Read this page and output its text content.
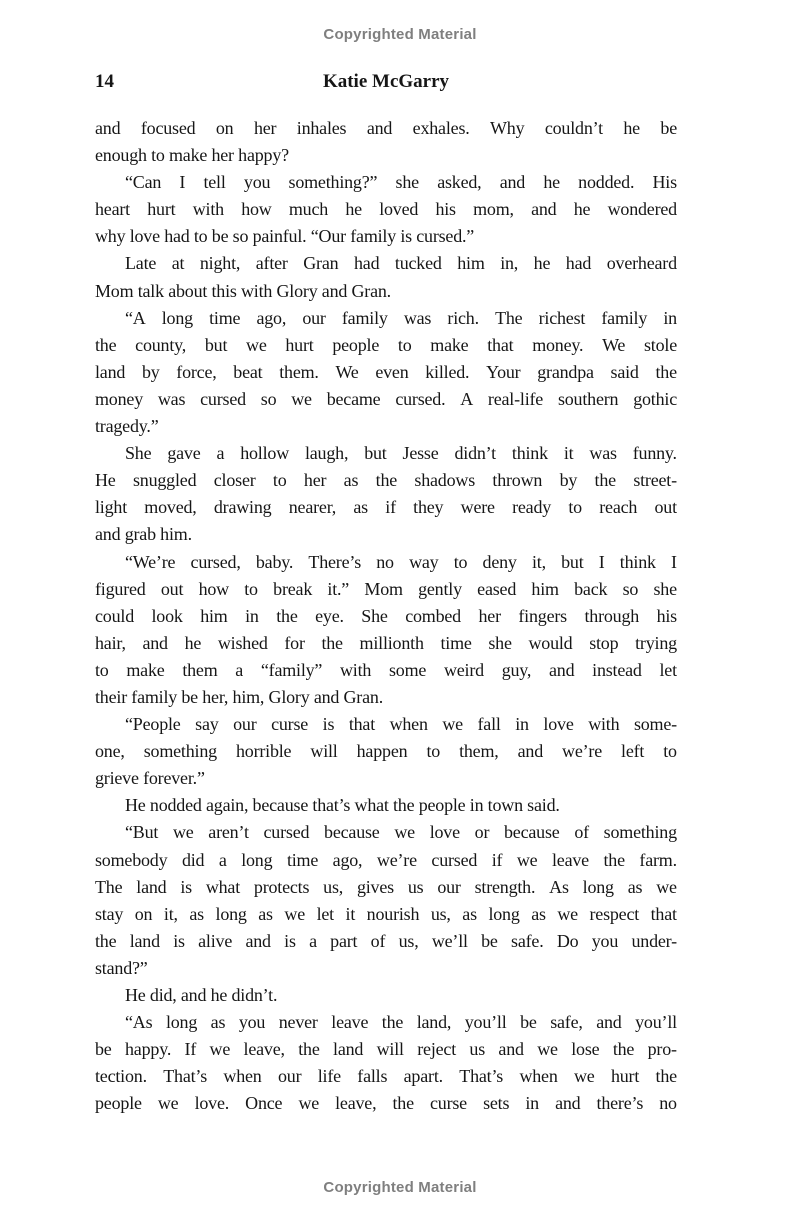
Copyrighted Material
14	Katie McGarry
and focused on her inhales and exhales. Why couldn’t he be
enough to make her happy?
“Can I tell you something?” she asked, and he nodded. His
heart hurt with how much he loved his mom, and he wondered
why love had to be so painful. “Our family is cursed.”
Late at night, after Gran had tucked him in, he had overheard
Mom talk about this with Glory and Gran.
“A long time ago, our family was rich. The richest family in
the county, but we hurt people to make that money. We stole
land by force, beat them. We even killed. Your grandpa said the
money was cursed so we became cursed. A real-life southern gothic
tragedy.”
She gave a hollow laugh, but Jesse didn’t think it was funny.
He snuggled closer to her as the shadows thrown by the street-
light moved, drawing nearer, as if they were ready to reach out
and grab him.
“We’re cursed, baby. There’s no way to deny it, but I think I
figured out how to break it.” Mom gently eased him back so she
could look him in the eye. She combed her fingers through his
hair, and he wished for the millionth time she would stop trying
to make them a “family” with some weird guy, and instead let
their family be her, him, Glory and Gran.
“People say our curse is that when we fall in love with some-
one, something horrible will happen to them, and we’re left to
grieve forever.”
He nodded again, because that’s what the people in town said.
“But we aren’t cursed because we love or because of something
somebody did a long time ago, we’re cursed if we leave the farm.
The land is what protects us, gives us our strength. As long as we
stay on it, as long as we let it nourish us, as long as we respect that
the land is alive and is a part of us, we’ll be safe. Do you under-
stand?”
He did, and he didn’t.
“As long as you never leave the land, you’ll be safe, and you’ll
be happy. If we leave, the land will reject us and we lose the pro-
tection. That’s when our life falls apart. That’s when we hurt the
people we love. Once we leave, the curse sets in and there’s no
Copyrighted Material
